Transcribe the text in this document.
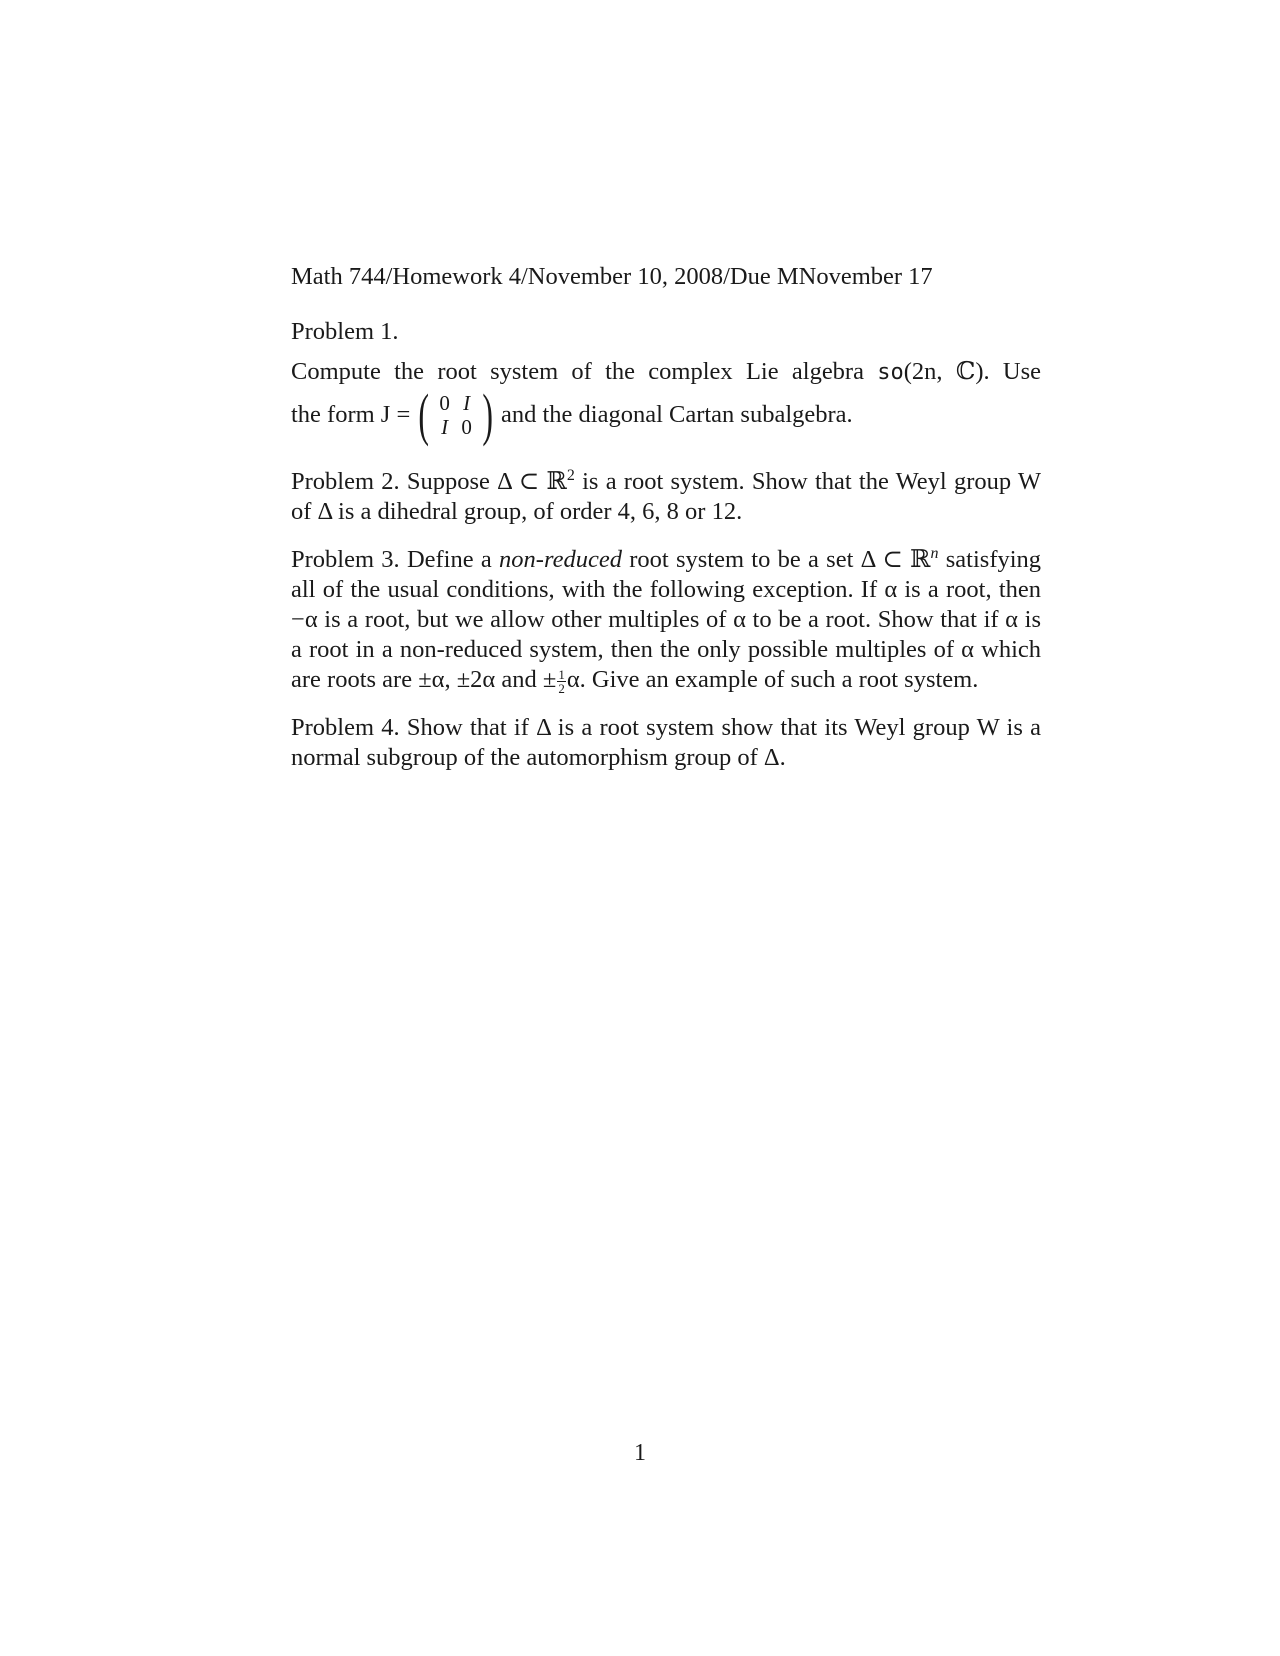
Math 744/Homework 4/November 10, 2008/Due MNovember 17

Problem 1.

Compute the root system of the complex Lie algebra so(2n, ℂ). Use
the form J = ( 0 I
I 0 ) and the diagonal Cartan subalgebra.

Problem 2. Suppose Δ ⊂ ℝ$^2$ is a root system. Show that the Weyl group W of Δ is a dihedral group, of order 4, 6, 8 or 12.

Problem 3. Define a non-reduced root system to be a set Δ ⊂ ℝ$^n$ satisfying all of the usual conditions, with the following exception. If α is a root, then −α is a root, but we allow other multiples of α to be a root. Show that if α is a root in a non-reduced system, then the only possible multiples of α which are roots are ±α, ±2α and ± $\frac{1}{2} \alpha$. Give an example of such a root system.

Problem 4. Show that if Δ is a root system show that its Weyl group W is a normal subgroup of the automorphism group of Δ.

1
